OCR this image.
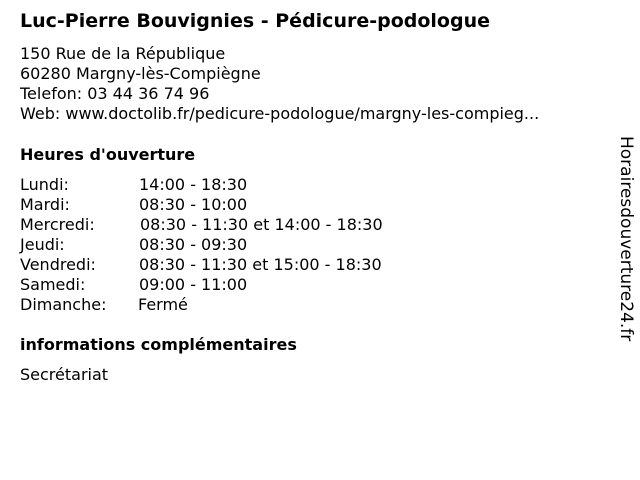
Luc-Pierre Bouvignies - Pédicure-podologue
150 Rue de la République
60280 Margny-lès-Compiègne
Telefon: 03 44 36 74 96
Web: www.doctolib.fr/pedicure-podologue/margny-les-compieg...
Heures d'ouverture
Lundi:	14:00 - 18:30
Mardi:	08:30 - 10:00
Mercredi:	08:30 - 11:30 et 14:00 - 18:30
Jeudi:	08:30 - 09:30
Vendredi:	08:30 - 11:30 et 15:00 - 18:30
Samedi:	09:00 - 11:00
Dimanche: Fermé
informations complémentaires
Secrétariat
Horairesdouverture24.fr
